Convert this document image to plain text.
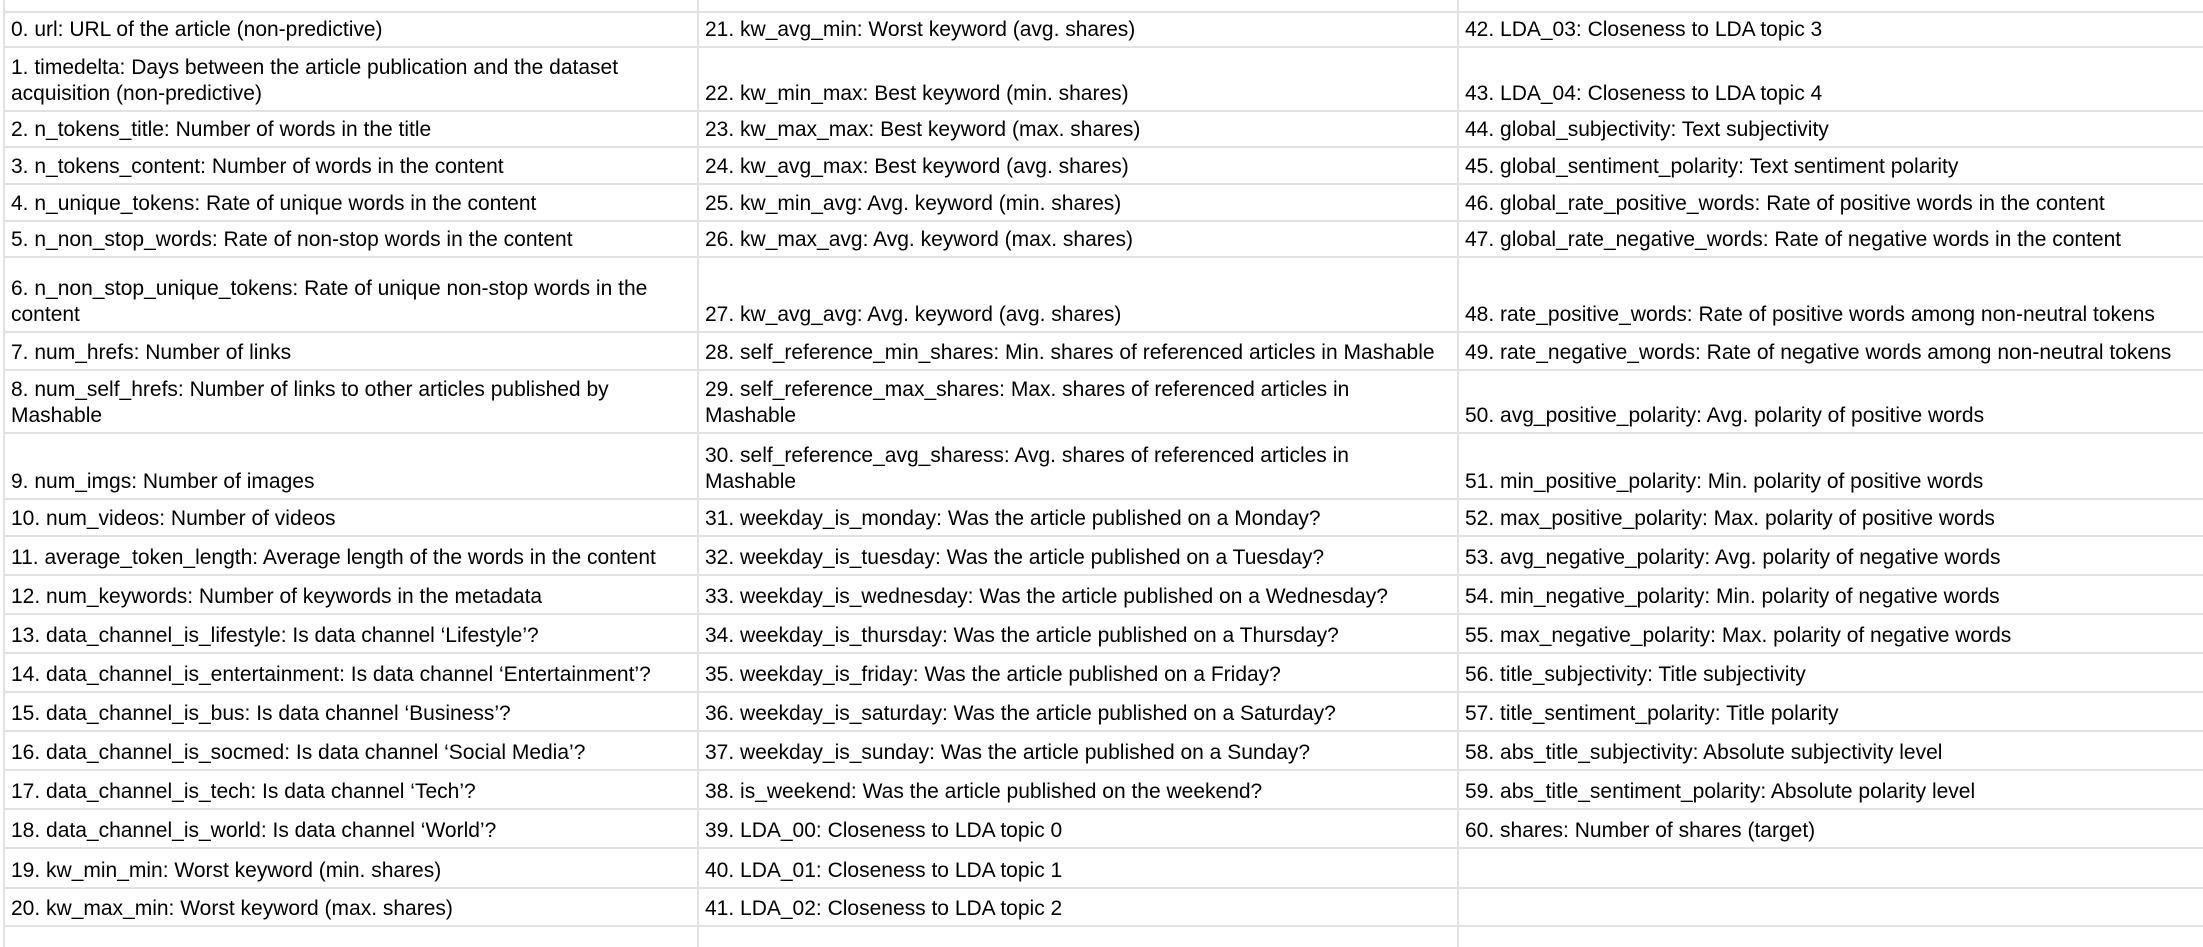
0. url: URL of the article (non-predictive)	21. kw_avg_min: Worst keyword (avg. shares)	42. LDA_03: Closeness to LDA topic 3
1. timedelta: Days between the article publication and the dataset acquisition (non-predictive)	22. kw_min_max: Best keyword (min. shares)	43. LDA_04: Closeness to LDA topic 4
2. n_tokens_title: Number of words in the title	23. kw_max_max: Best keyword (max. shares)	44. global_subjectivity: Text subjectivity
3. n_tokens_content: Number of words in the content	24. kw_avg_max: Best keyword (avg. shares)	45. global_sentiment_polarity: Text sentiment polarity
4. n_unique_tokens: Rate of unique words in the content	25. kw_min_avg: Avg. keyword (min. shares)	46. global_rate_positive_words: Rate of positive words in the content
5. n_non_stop_words: Rate of non-stop words in the content	26. kw_max_avg: Avg. keyword (max. shares)	47. global_rate_negative_words: Rate of negative words in the content
6. n_non_stop_unique_tokens: Rate of unique non-stop words in the content	27. kw_avg_avg: Avg. keyword (avg. shares)	48. rate_positive_words: Rate of positive words among non-neutral tokens
7. num_hrefs: Number of links	28. self_reference_min_shares: Min. shares of referenced articles in Mashable	49. rate_negative_words: Rate of negative words among non-neutral tokens
8. num_self_hrefs: Number of links to other articles published by Mashable	29. self_reference_max_shares: Max. shares of referenced articles in Mashable	50. avg_positive_polarity: Avg. polarity of positive words
9. num_imgs: Number of images	30. self_reference_avg_sharess: Avg. shares of referenced articles in Mashable	51. min_positive_polarity: Min. polarity of positive words
10. num_videos: Number of videos	31. weekday_is_monday: Was the article published on a Monday?	52. max_positive_polarity: Max. polarity of positive words
11. average_token_length: Average length of the words in the content	32. weekday_is_tuesday: Was the article published on a Tuesday?	53. avg_negative_polarity: Avg. polarity of negative words
12. num_keywords: Number of keywords in the metadata	33. weekday_is_wednesday: Was the article published on a Wednesday?	54. min_negative_polarity: Min. polarity of negative words
13. data_channel_is_lifestyle: Is data channel ‘Lifestyle’?	34. weekday_is_thursday: Was the article published on a Thursday?	55. max_negative_polarity: Max. polarity of negative words
14. data_channel_is_entertainment: Is data channel ‘Entertainment’?	35. weekday_is_friday: Was the article published on a Friday?	56. title_subjectivity: Title subjectivity
15. data_channel_is_bus: Is data channel ‘Business’?	36. weekday_is_saturday: Was the article published on a Saturday?	57. title_sentiment_polarity: Title polarity
16. data_channel_is_socmed: Is data channel ‘Social Media’?	37. weekday_is_sunday: Was the article published on a Sunday?	58. abs_title_subjectivity: Absolute subjectivity level
17. data_channel_is_tech: Is data channel ‘Tech’?	38. is_weekend: Was the article published on the weekend?	59. abs_title_sentiment_polarity: Absolute polarity level
18. data_channel_is_world: Is data channel ‘World’?	39. LDA_00: Closeness to LDA topic 0	60. shares: Number of shares (target)
19. kw_min_min: Worst keyword (min. shares)	40. LDA_01: Closeness to LDA topic 1	
20. kw_max_min: Worst keyword (max. shares)	41. LDA_02: Closeness to LDA topic 2	
